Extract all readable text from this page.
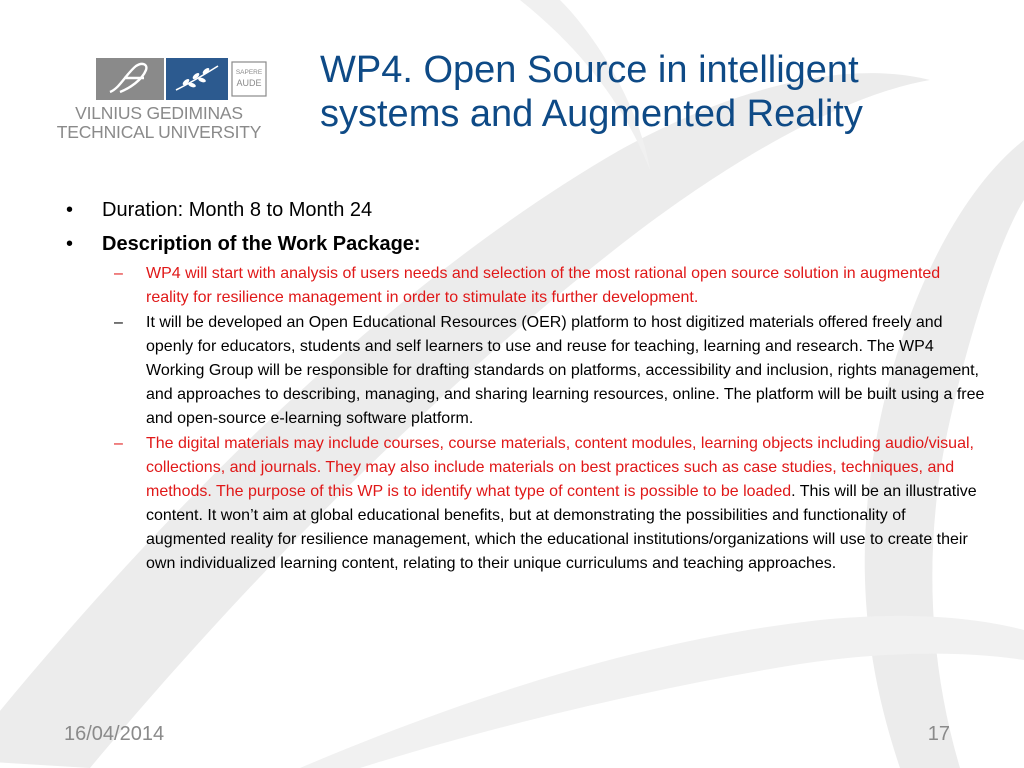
SAPERE
AUDE
VILNIUS GEDIMINAS
TECHNICAL UNIVERSITY
WP4. Open Source in intelligent
systems and Augmented Reality
•	Duration: Month 8 to Month 24
•	Description of the Work Package:
– WP4 will start with analysis of users needs and selection of the most rational open source solution in augmented reality for resilience management in order to stimulate its further development.
– It will be developed an Open Educational Resources (OER) platform to host digitized materials offered freely and openly for educators, students and self learners to use and reuse for teaching, learning and research. The WP4 Working Group will be responsible for drafting standards on platforms, accessibility and inclusion, rights management, and approaches to describing, managing, and sharing learning resources, online. The platform will be built using a free and open-source e-learning software platform.
– The digital materials may include courses, course materials, content modules, learning objects including audio/visual, collections, and journals. They may also include materials on best practices such as case studies, techniques, and methods. The purpose of this WP is to identify what type of content is possible to be loaded. This will be an illustrative content. It won’t aim at global educational benefits, but at demonstrating the possibilities and functionality of augmented reality for resilience management, which the educational institutions/organizations will use to create their own individualized learning content, relating to their unique curriculums and teaching approaches.
16/04/2014	17
